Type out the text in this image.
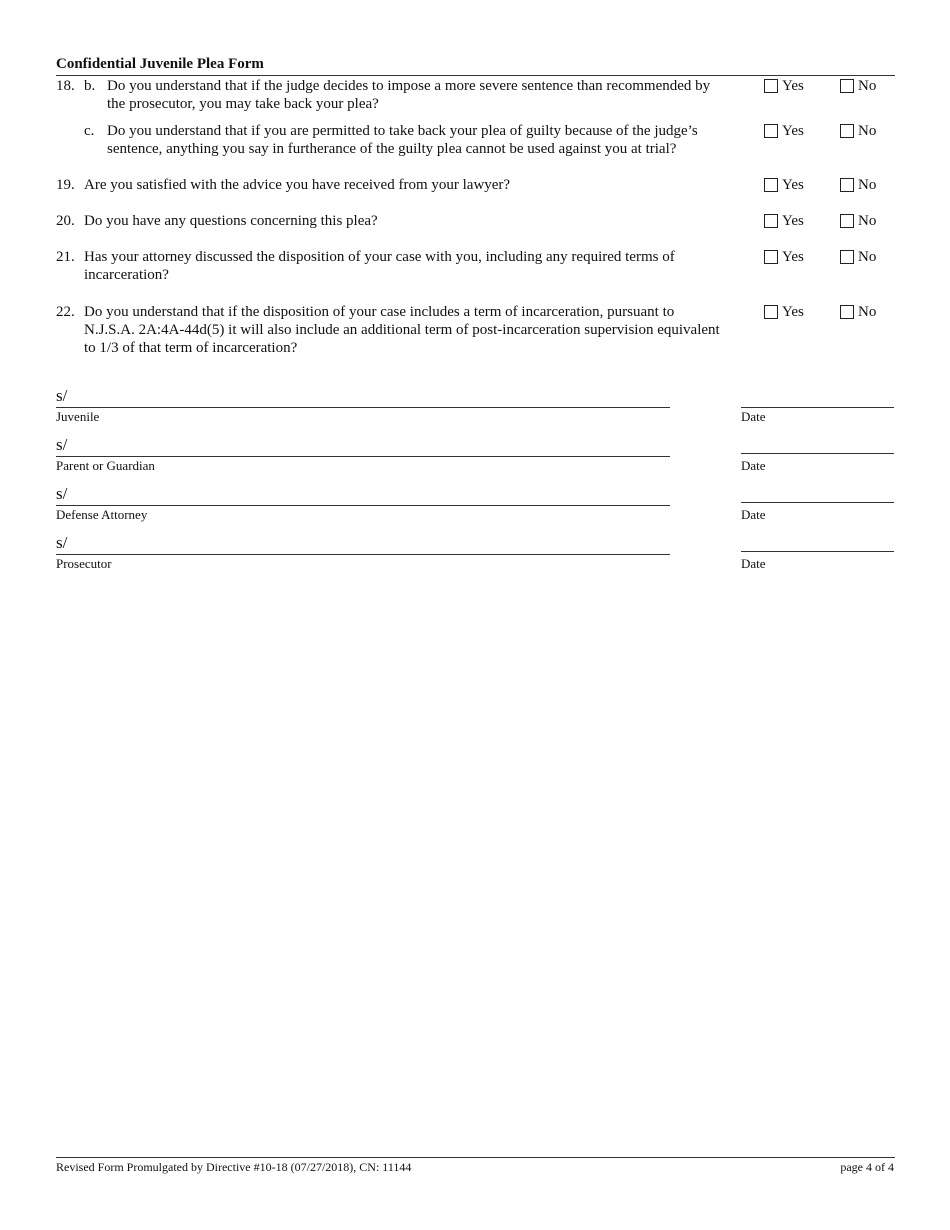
Confidential Juvenile Plea Form
18. b. Do you understand that if the judge decides to impose a more severe sentence than recommended by
the prosecutor, you may take back your plea?
Yes	No
c. Do you understand that if you are permitted to take back your plea of guilty because of the judge’s
sentence, anything you say in furtherance of the guilty plea cannot be used against you at trial?
Yes	No
19. Are you satisfied with the advice you have received from your lawyer?	Yes	No
20. Do you have any questions concerning this plea?	Yes	No
21. Has your attorney discussed the disposition of your case with you, including any required terms of
incarceration?
Yes	No
22. Do you understand that if the disposition of your case includes a term of incarceration, pursuant to
N.J.S.A. 2A:4A-44d(5) it will also include an additional term of post-incarceration supervision equivalent
to 1/3 of that term of incarceration?
Yes	No
s/
Juvenile	Date
s/
Parent or Guardian	Date
s/
Defense Attorney	Date
s/
Prosecutor	Date
Revised Form Promulgated by Directive #10-18 (07/27/2018), CN: 11144	page 4 of 4
